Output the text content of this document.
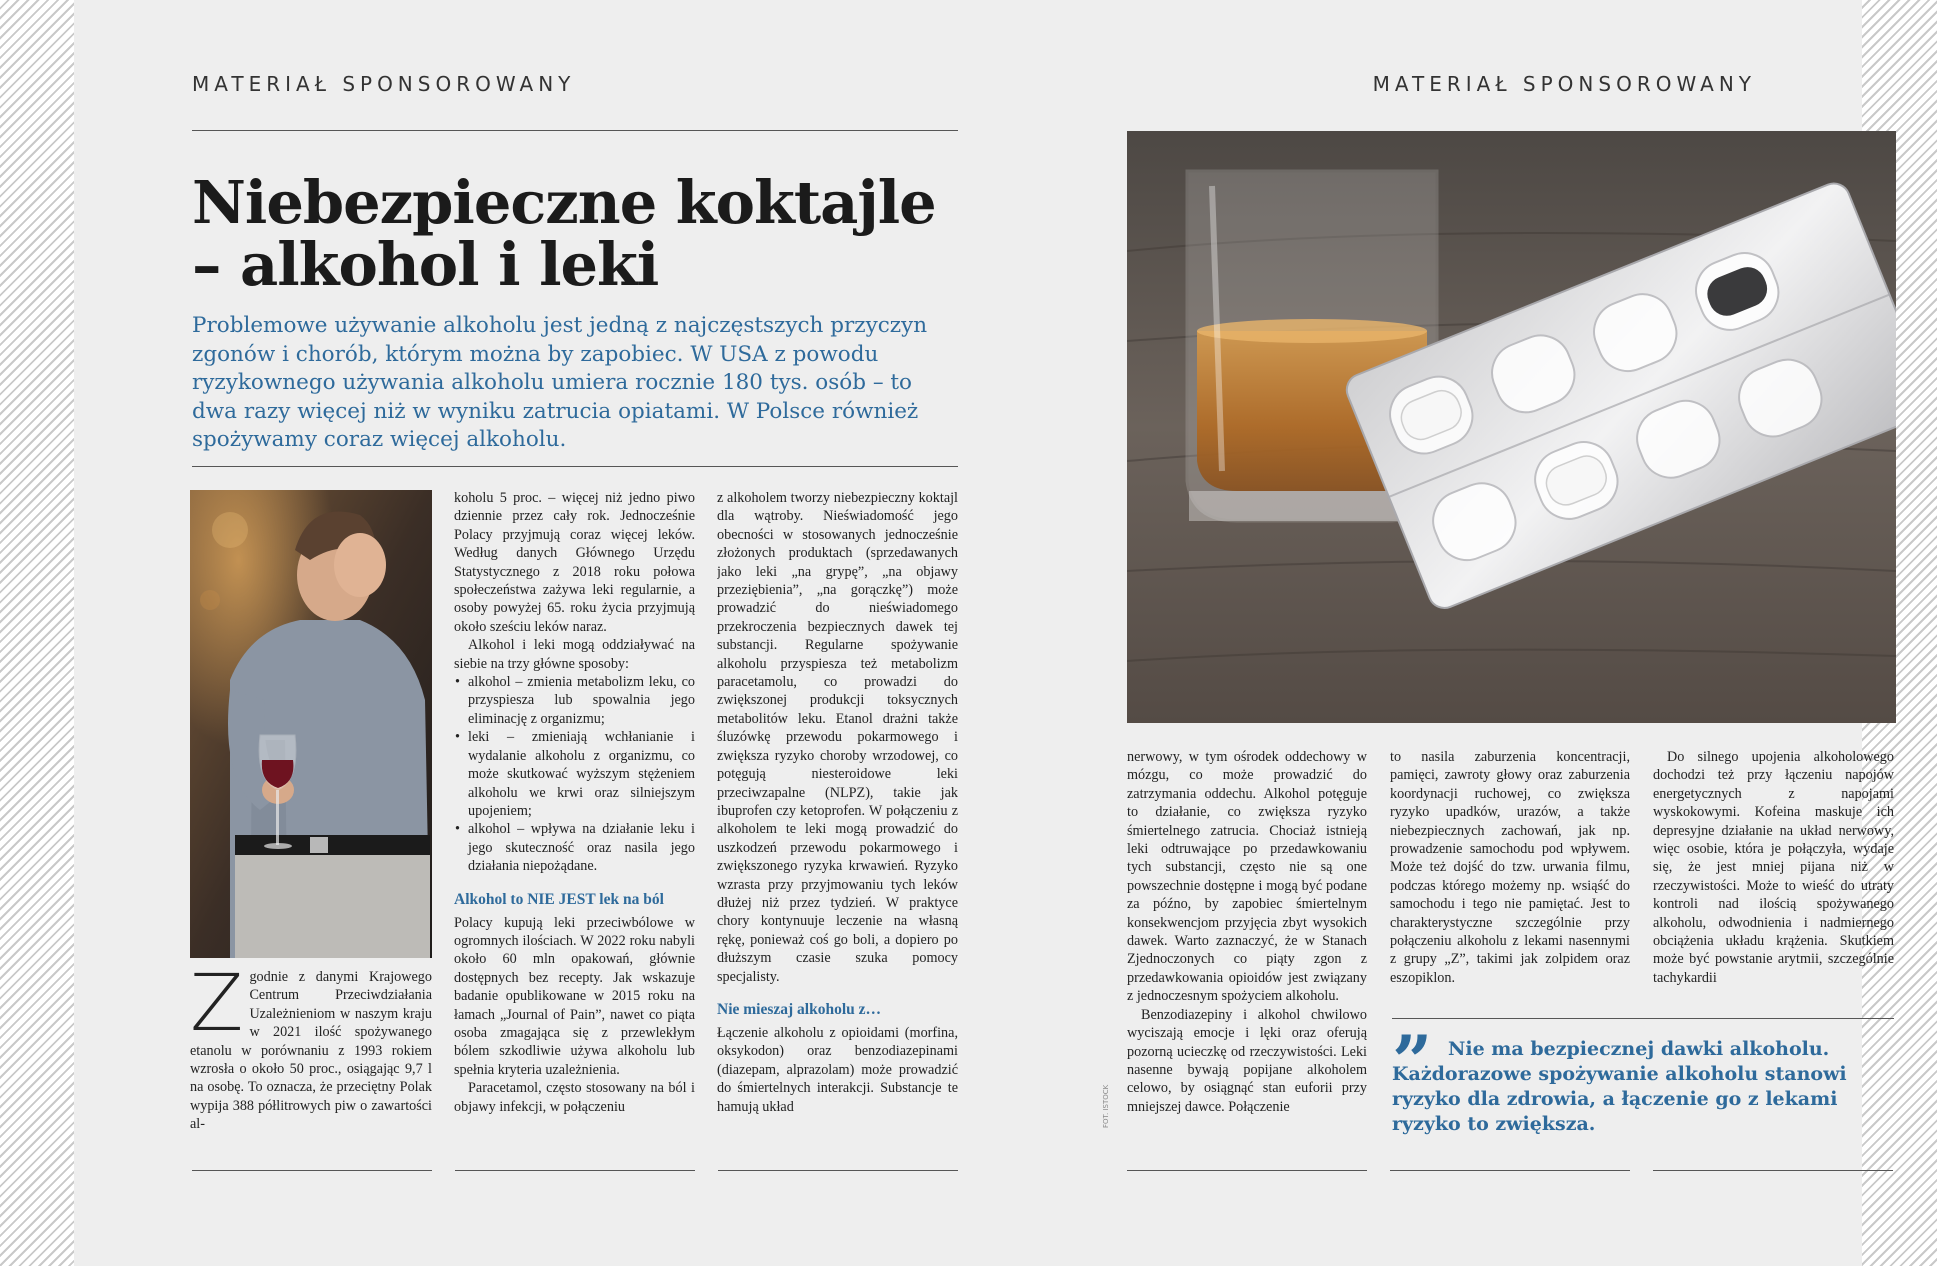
MATERIAŁ SPONSOROWANY	MATERIAŁ SPONSOROWANY
Niebezpieczne koktajle
– alkohol i leki

Problemowe używanie alkoholu jest jedną z najczęstszych przyczyn zgonów i chorób, którym można by zapobiec. W USA z powodu ryzykownego używania alkoholu umiera rocznie 180 tys. osób – to dwa razy więcej niż w wyniku zatrucia opiatami. W Polsce również spożywamy coraz więcej alkoholu.

Zgodnie z danymi Krajowego Centrum Przeciwdziałania Uzależnieniom w naszym kraju w 2021 ilość spożywanego etanolu w porównaniu z 1993 rokiem wzrosła o około 50 proc., osiągając 9,7 l na osobę. To oznacza, że przeciętny Polak wypija 388 półlitrowych piw o zawartości al-

koholu 5 proc. – więcej niż jedno piwo dziennie przez cały rok. Jednocześnie Polacy przyjmują coraz więcej leków. Według danych Głównego Urzędu Statystycznego z 2018 roku połowa społeczeństwa zażywa leki regularnie, a osoby powyżej 65. roku życia przyjmują około sześciu leków naraz.

Alkohol i leki mogą oddziaływać na siebie na trzy główne sposoby:

• alkohol – zmienia metabolizm leku, co przyspiesza lub spowalnia jego eliminację z organizmu;
• leki – zmieniają wchłanianie i wydalanie alkoholu z organizmu, co może skutkować wyższym stężeniem alkoholu we krwi oraz silniejszym upojeniem;
• alkohol – wpływa na działanie leku i jego skuteczność oraz nasila jego działania niepożądane.
Alkohol to NIE JEST lek na ból

Polacy kupują leki przeciwbólowe w ogromnych ilościach. W 2022 roku nabyli około 60 mln opakowań, głównie dostępnych bez recepty. Jak wskazuje badanie opublikowane w 2015 roku na łamach „Journal of Pain”, nawet co piąta osoba zmagająca się z przewlekłym bólem szkodliwie używa alkoholu lub spełnia kryteria uzależnienia.

Paracetamol, często stosowany na ból i objawy infekcji, w połączeniu

z alkoholem tworzy niebezpieczny koktajl dla wątroby. Nieświadomość jego obecności w stosowanych jednocześnie złożonych produktach (sprzedawanych jako leki „na grypę”, „na objawy przeziębienia”, „na gorączkę”) może prowadzić do nieświadomego przekroczenia bezpiecznych dawek tej substancji. Regularne spożywanie alkoholu przyspiesza też metabolizm paracetamolu, co prowadzi do zwiększonej produkcji toksycznych metabolitów leku. Etanol drażni także śluzówkę przewodu pokarmowego i zwiększa ryzyko choroby wrzodowej, co potęgują niesteroidowe leki przeciwzapalne (NLPZ), takie jak ibuprofen czy ketoprofen. W połączeniu z alkoholem te leki mogą prowadzić do uszkodzeń przewodu pokarmowego i zwiększonego ryzyka krwawień. Ryzyko wzrasta przy przyjmowaniu tych leków dłużej niż przez tydzień. W praktyce chory kontynuuje leczenie na własną rękę, ponieważ coś go boli, a dopiero po dłuższym czasie szuka pomocy specjalisty.

Nie mieszaj alkoholu z…

Łączenie alkoholu z opioidami (morfina, oksykodon) oraz benzodiazepinami (diazepam, alprazolam) może prowadzić do śmiertelnych interakcji. Substancje te hamują układ

nerwowy, w tym ośrodek oddechowy w mózgu, co może prowadzić do zatrzymania oddechu. Alkohol potęguje to działanie, co zwiększa ryzyko śmiertelnego zatrucia. Chociaż istnieją leki odtruwające po przedawkowaniu tych substancji, często nie są one powszechnie dostępne i mogą być podane za późno, by zapobiec śmiertelnym konsekwencjom przyjęcia zbyt wysokich dawek. Warto zaznaczyć, że w Stanach Zjednoczonych co piąty zgon z przedawkowania opioidów jest związany z jednoczesnym spożyciem alkoholu.

Benzodiazepiny i alkohol chwilowo wyciszają emocje i lęki oraz oferują pozorną ucieczkę od rzeczywistości. Leki nasenne bywają popijane alkoholem celowo, by osiągnąć stan euforii przy mniejszej dawce. Połączenie

to nasila zaburzenia koncentracji, pamięci, zawroty głowy oraz zaburzenia koordynacji ruchowej, co zwiększa ryzyko upadków, urazów, a także niebezpiecznych zachowań, jak np. prowadzenie samochodu pod wpływem. Może też dojść do tzw. urwania filmu, podczas którego możemy np. wsiąść do samochodu i tego nie pamiętać. Jest to charakterystyczne szczególnie przy połączeniu alkoholu z lekami nasennymi z grupy „Z”, takimi jak zolpidem oraz eszopiklon.

Do silnego upojenia alkoholowego dochodzi też przy łączeniu napojów energetycznych z napojami wyskokowymi. Kofeina maskuje ich depresyjne działanie na układ nerwowy, więc osobie, która je połączyła, wydaje się, że jest mniej pijana niż w rzeczywistości. Może to wieść do utraty kontroli nad ilością spożywanego alkoholu, odwodnienia i nadmiernego obciążenia układu krążenia. Skutkiem może być powstanie arytmii, szczególnie tachykardii

” Nie ma bezpiecznej dawki alkoholu. Każdorazowe spożywanie alkoholu stanowi ryzyko dla zdrowia, a łączenie go z lekami ryzyko to zwiększa.

FOT. ISTOCK
